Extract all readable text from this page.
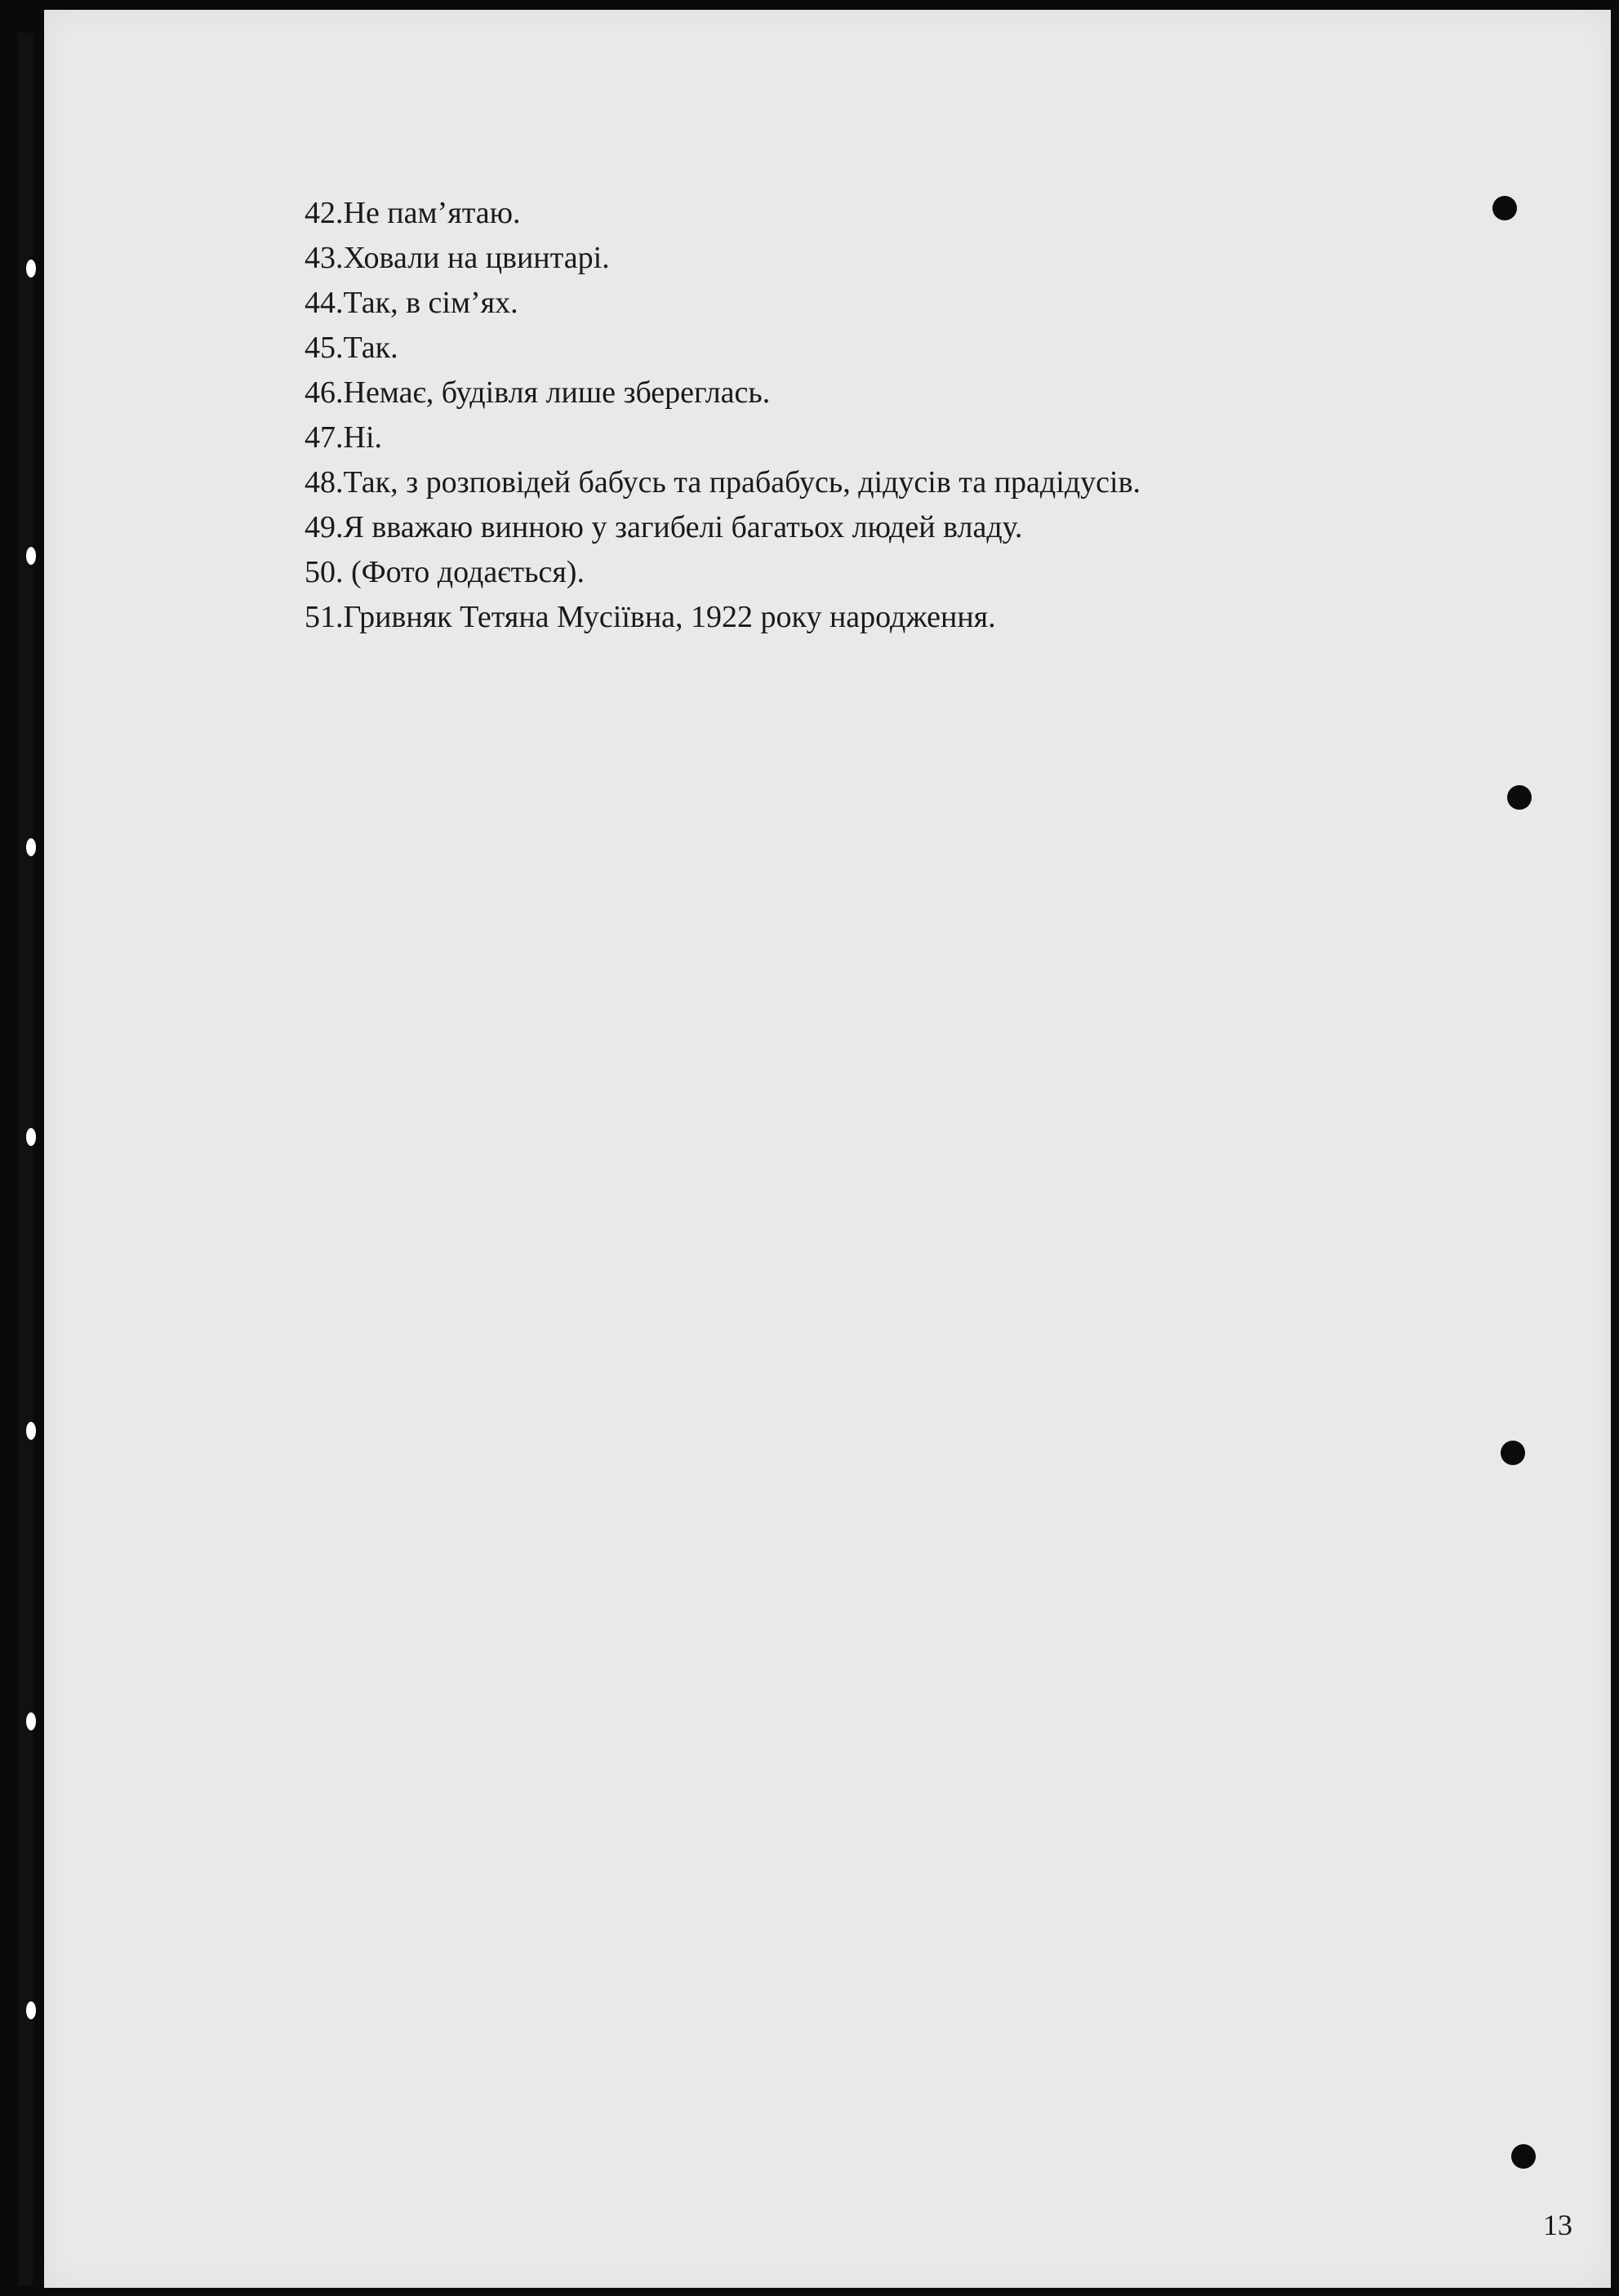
42.Не пам’ятаю.
43.Ховали на цвинтарі.
44.Так, в сім’ях.
45.Так.
46.Немає, будівля лише збереглась.
47.Ні.
48.Так, з розповідей бабусь та прабабусь, дідусів та прадідусів.
49.Я вважаю винною у загибелі багатьох людей владу.
50. (Фото додається).
51.Гривняк Тетяна Мусіївна, 1922 року народження.
13
